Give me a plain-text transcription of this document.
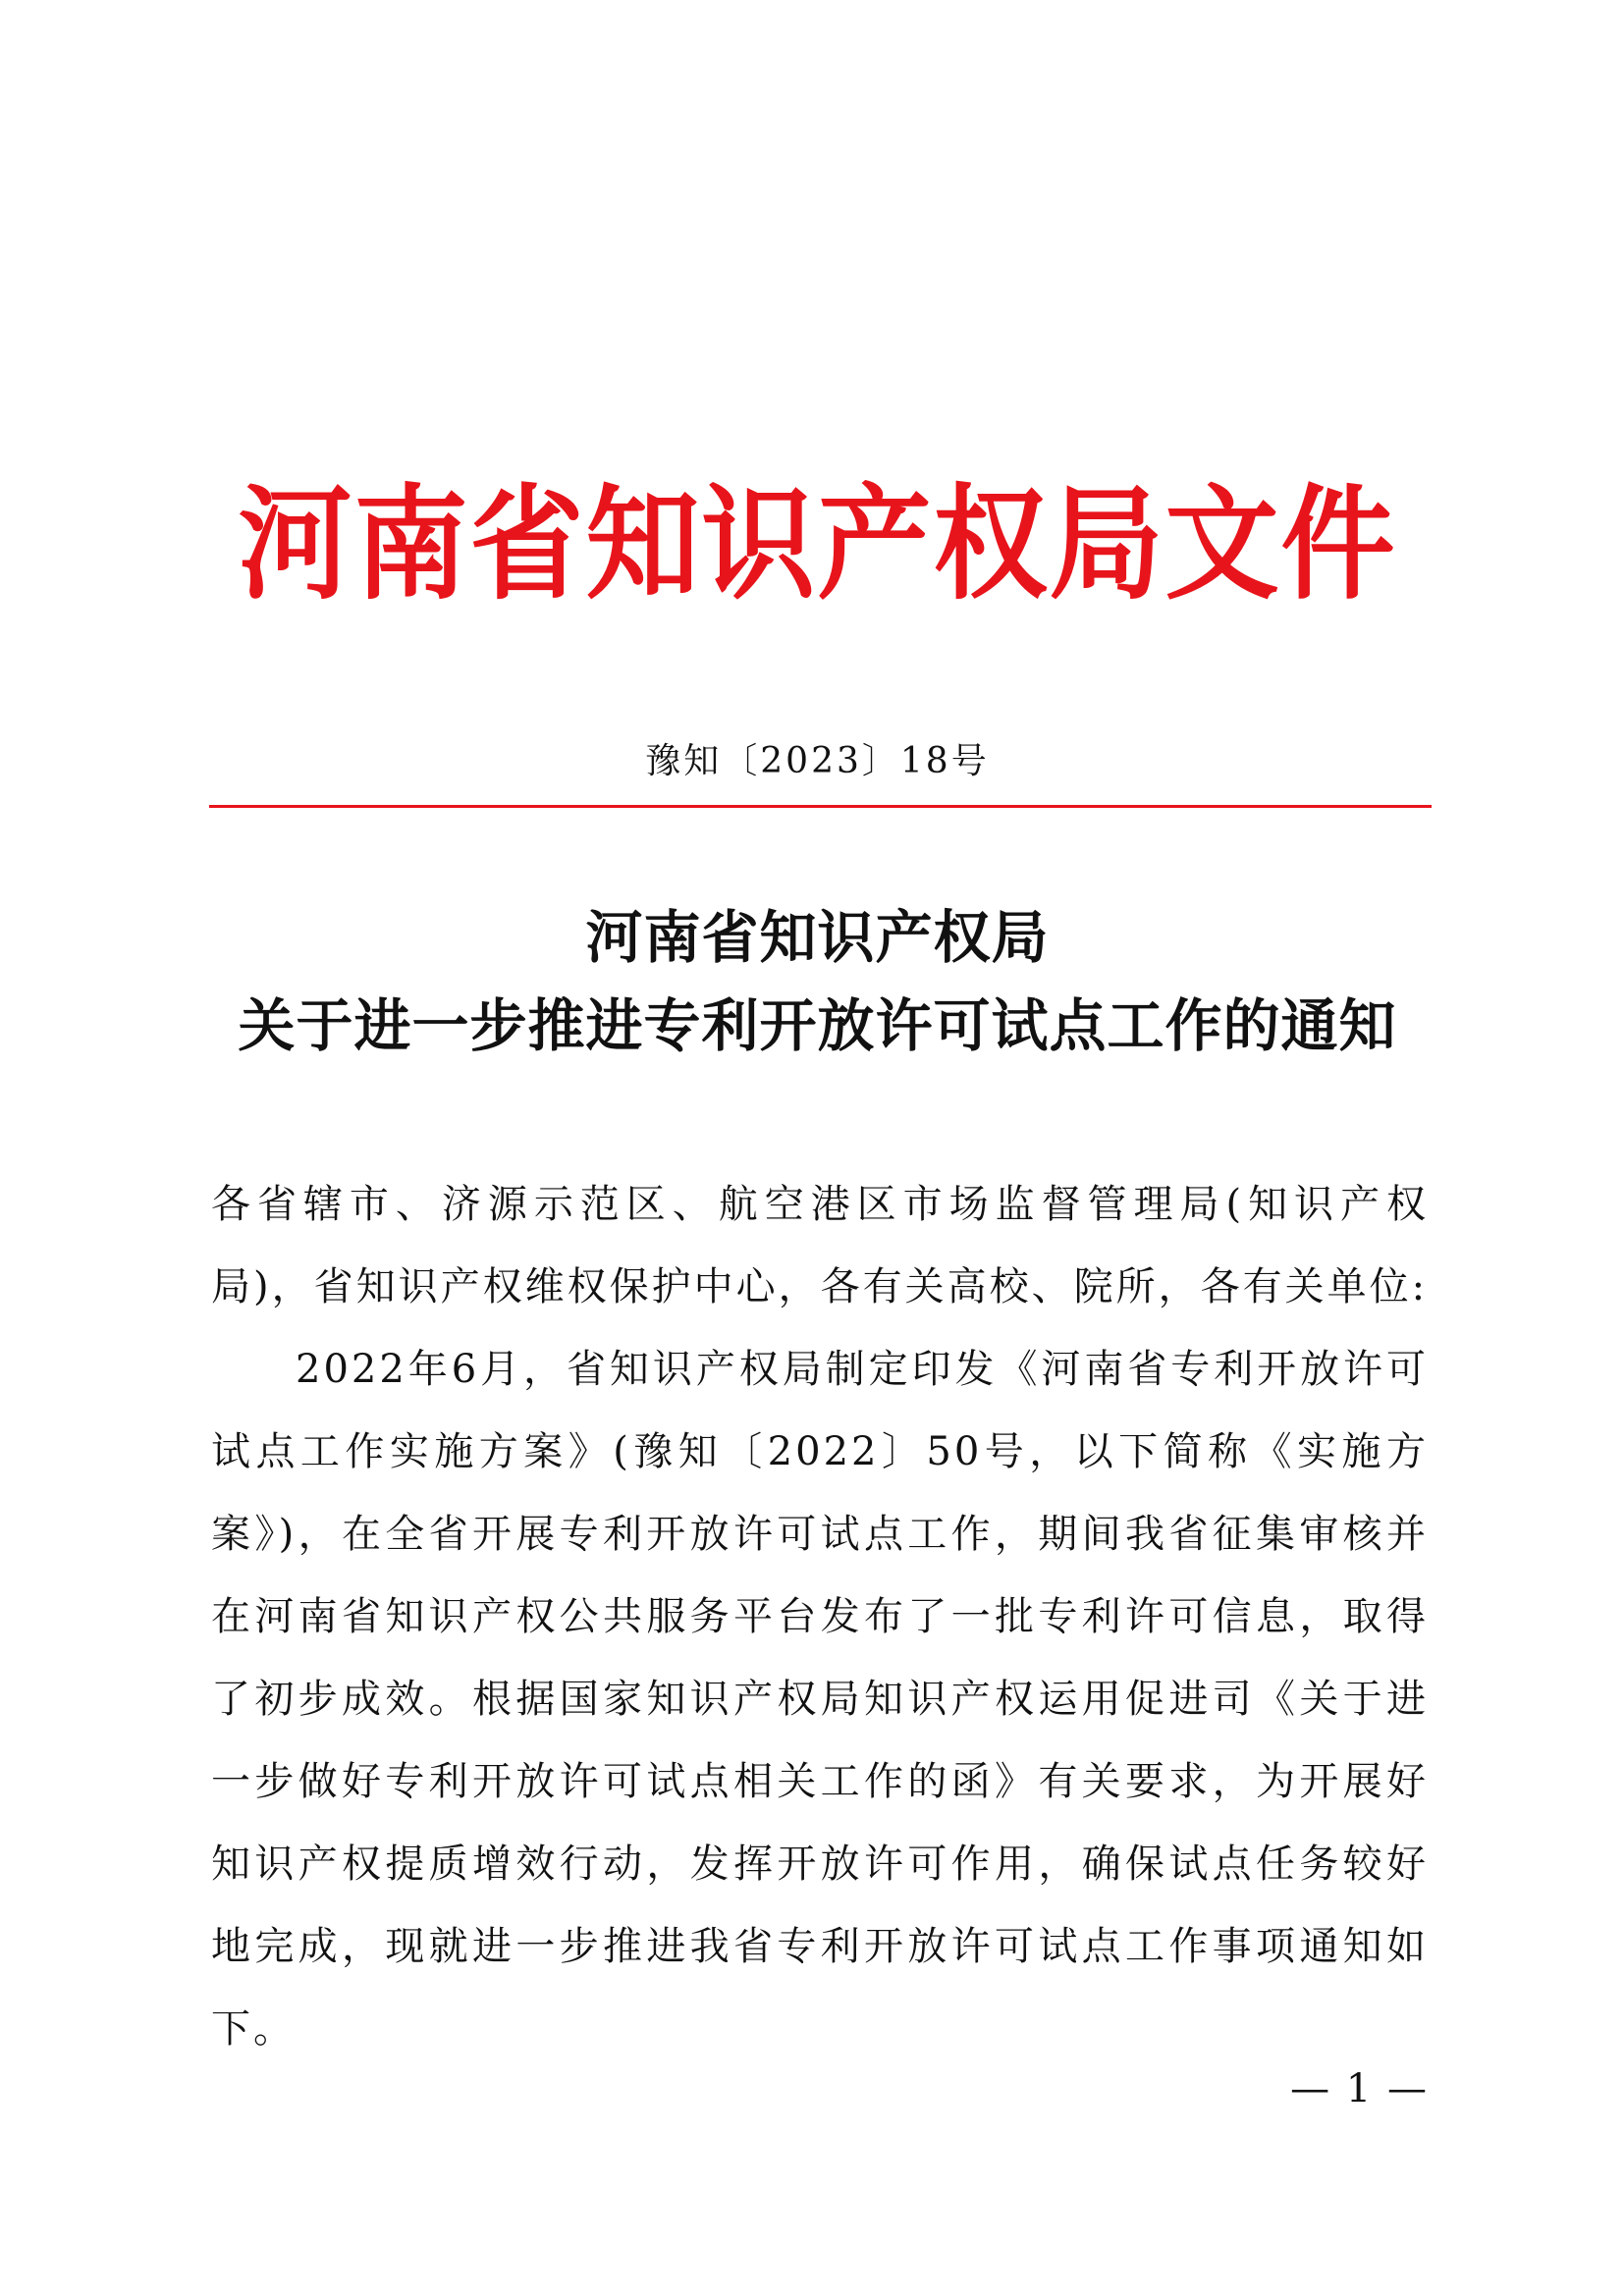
河南省知识产权局文件
豫知〔2023〕18号
河南省知识产权局
关于进一步推进专利开放许可试点工作的通知

各省辖市、济源示范区、航空港区市场监督管理局(知识产权局)，省知识产权维权保护中心，各有关高校、院所，各有关单位:

2022年6月，省知识产权局制定印发《河南省专利开放许可试点工作实施方案》(豫知〔2022〕50号，以下简称《实施方案》)，在全省开展专利开放许可试点工作，期间我省征集审核并在河南省知识产权公共服务平台发布了一批专利许可信息，取得了初步成效。根据国家知识产权局知识产权运用促进司《关于进一步做好专利开放许可试点相关工作的函》有关要求，为开展好知识产权提质增效行动，发挥开放许可作用，确保试点任务较好地完成，现就进一步推进我省专利开放许可试点工作事项通知如下。

— 1 —
